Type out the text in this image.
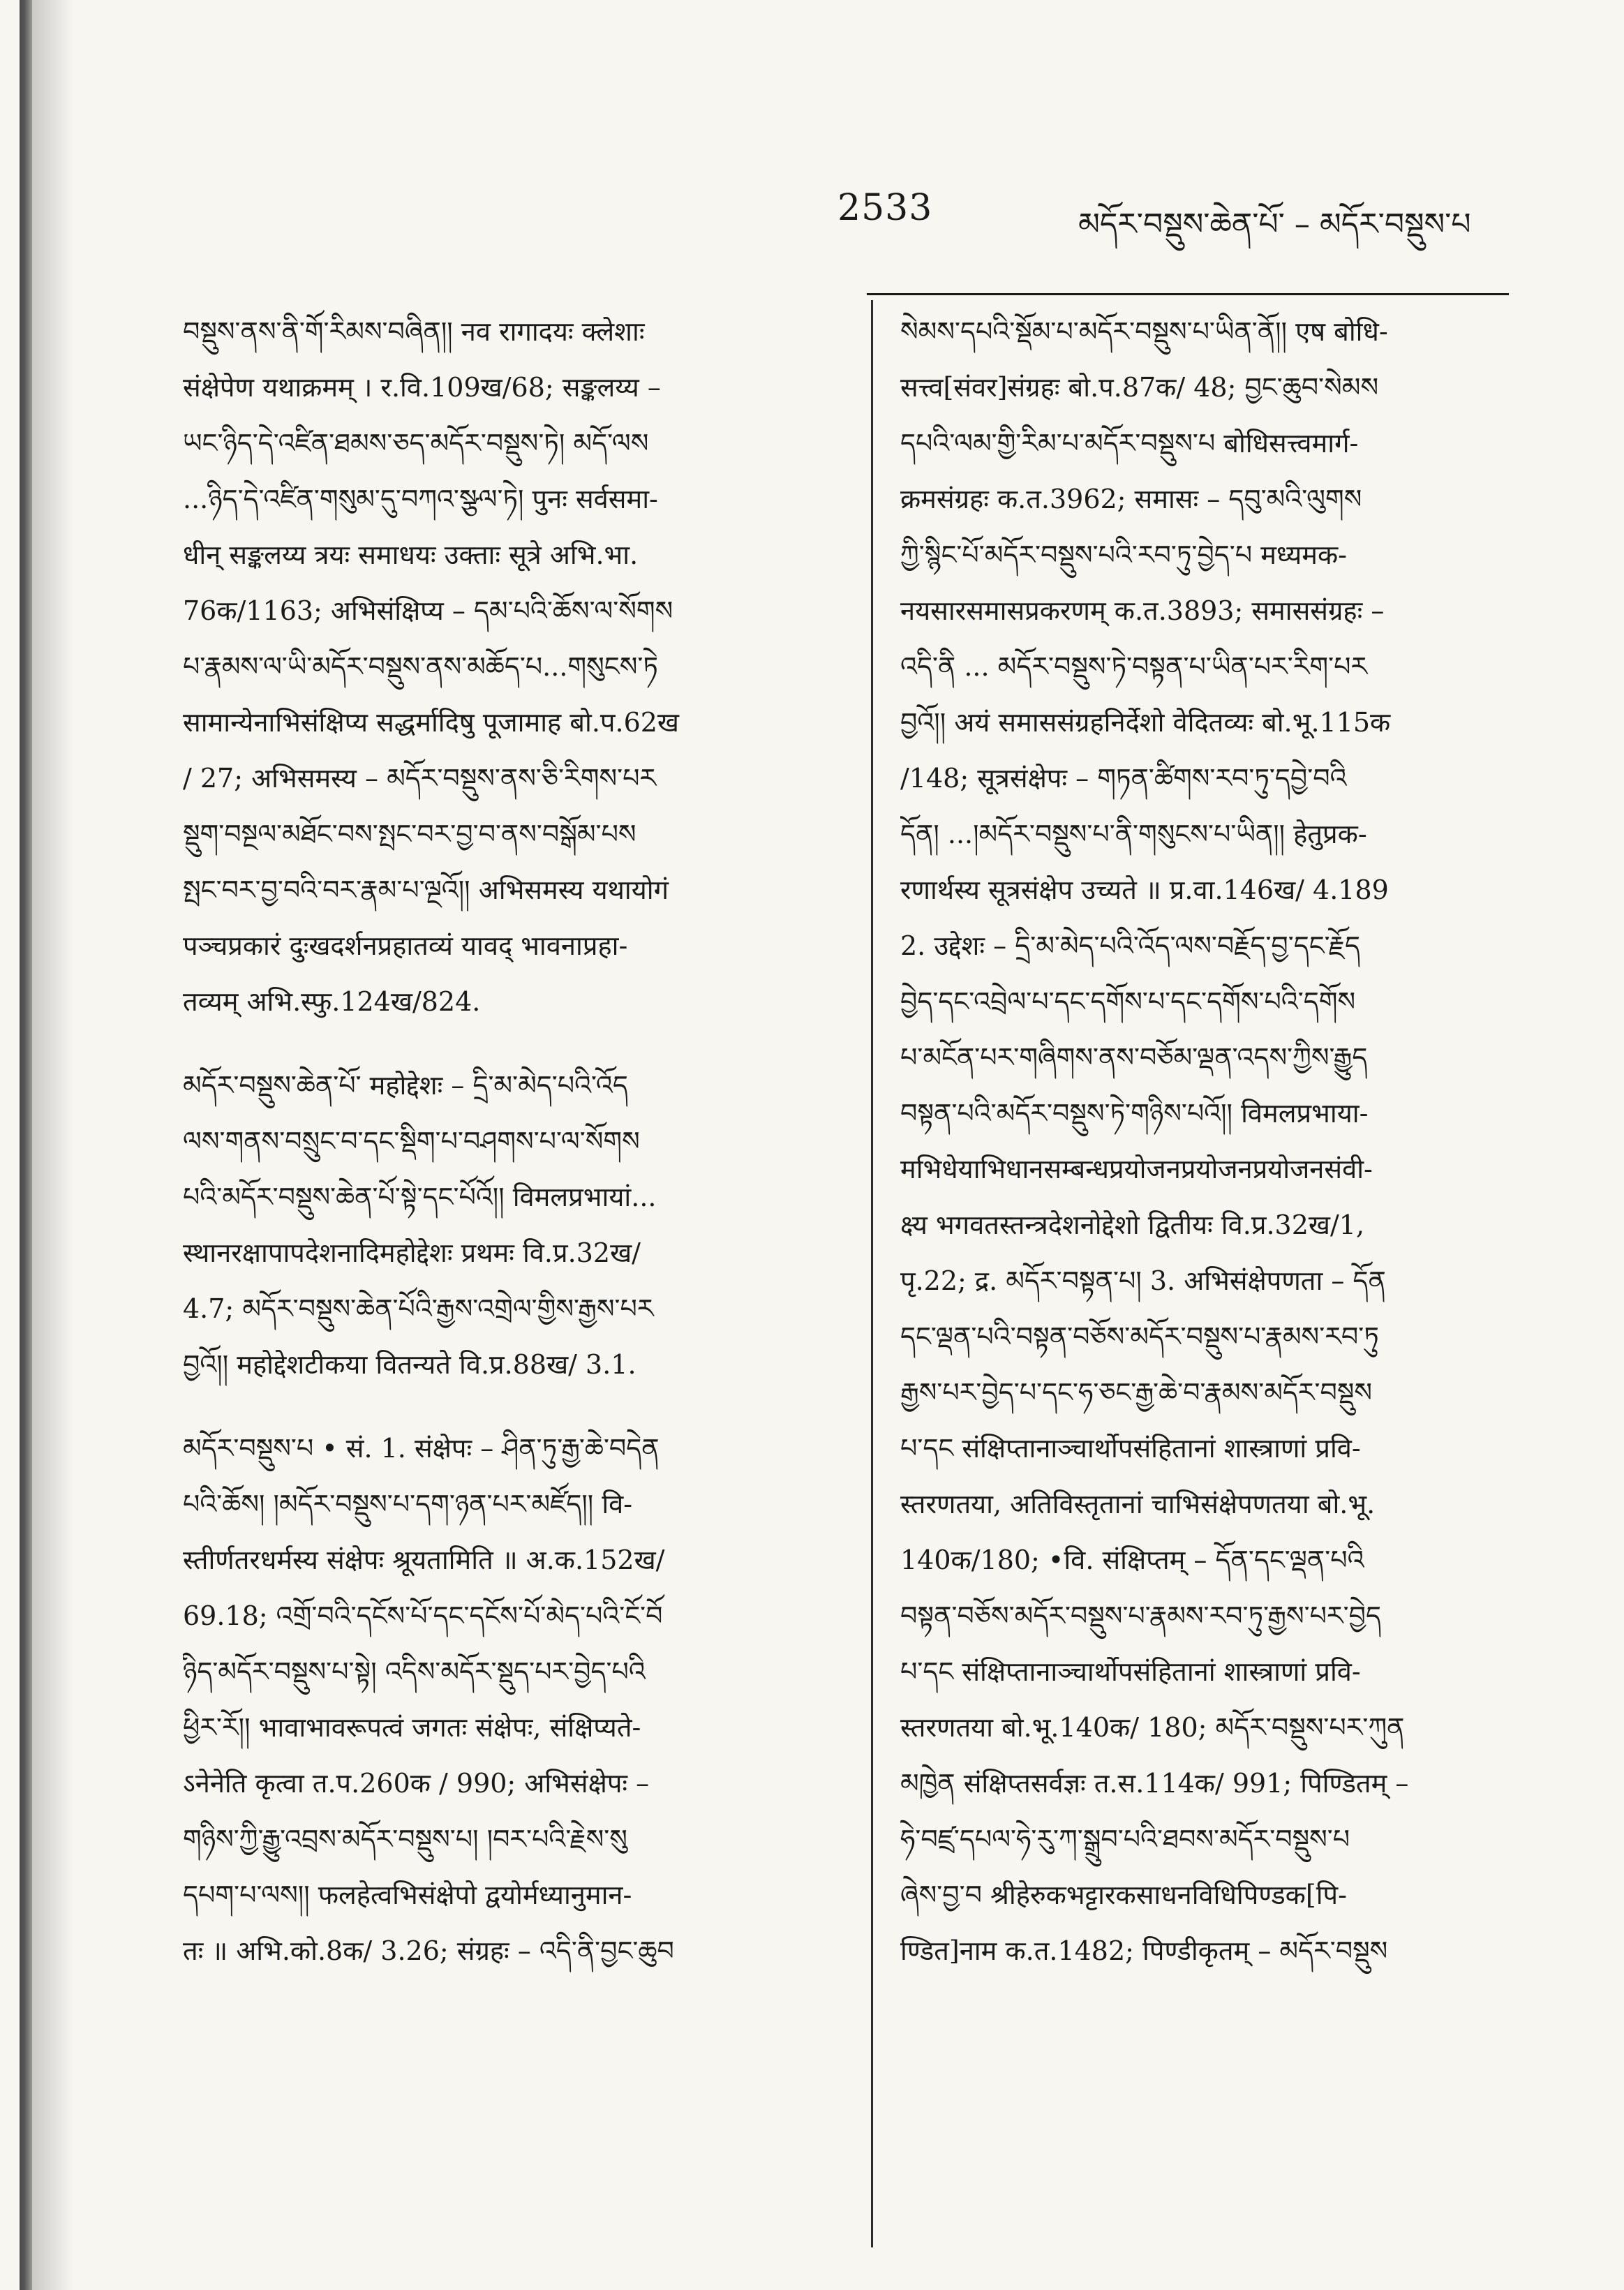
2533	མདོར་བསྡུས་ཆེན་པོ་ – མདོར་བསྡུས་པ
བསྡུས་ནས་ནི་གོ་རིམས་བཞིན།། नव रागादयः क्लेशाः
संक्षेपेण यथाक्रमम् । र.वि.109ख/68; सङ्कलय्य –
ཡང་ཉིད་དེ་འཛིན་ཐམས་ཅད་མདོར་བསྡུས་ཏེ། མདོ་ལས
...ཉིད་དེ་འཛིན་གསུམ་དུ་བཀའ་སྩལ་ཏེ། पुनः सर्वसमा-
धीन् सङ्कलय्य त्रयः समाधयः उक्ताः सूत्रे अभि.भा.
76क/1163; अभिसंक्षिप्य – དམ་པའི་ཆོས་ལ་སོགས
པ་རྣམས་ལ་ཡི་མདོར་བསྡུས་ནས་མཆོད་པ...གསུངས་ཏེ
सामान्येनाभिसंक्षिप्य सद्धर्मादिषु पूजामाह बो.प.62ख
/ 27; अभिसमस्य – མདོར་བསྡུས་ནས་ཅི་རིགས་པར
སྡུག་བསྔལ་མཐོང་བས་སྤང་བར་བྱ་བ་ནས་བསྒོམ་པས
སྤང་བར་བྱ་བའི་བར་རྣམ་པ་ལྔའོ།། अभिसमस्य यथायोगं
पञ्चप्रकारं दुःखदर्शनप्रहातव्यं यावद् भावनाप्रहा-
तव्यम् अभि.स्फु.124ख/824.
མདོར་བསྡུས་ཆེན་པོ་ महोद्देशः – དྲི་མ་མེད་པའི་འོད
ལས་གནས་བསྲུང་བ་དང་སྡིག་པ་བཤགས་པ་ལ་སོགས
པའི་མདོར་བསྡུས་ཆེན་པོ་སྟེ་དང་པོའོ།། विमलप्रभायां...
स्थानरक्षापापदेशनादिमहोद्देशः प्रथमः वि.प्र.32ख/
4.7; མདོར་བསྡུས་ཆེན་པོའི་རྒྱས་འགྲེལ་གྱིས་རྒྱས་པར
བྱའོ།། महोद्देशटीकया वितन्यते वि.प्र.88ख/ 3.1.
མདོར་བསྡུས་པ • सं. 1. संक्षेपः – ཤིན་ཏུ་རྒྱ་ཆེ་བདེན
པའི་ཆོས། །མདོར་བསྡུས་པ་དག་ཉན་པར་མཛོད།། वि-
स्तीर्णतरधर्मस्य संक्षेपः श्रूयतामिति ॥ अ.क.152ख/
69.18; འགྲོ་བའི་དངོས་པོ་དང་དངོས་པོ་མེད་པའི་ངོ་བོ
ཉིད་མདོར་བསྡུས་པ་སྟེ། འདིས་མདོར་སྡུད་པར་བྱེད་པའི
ཕྱིར་རོ།། भावाभावरूपत्वं जगतः संक्षेपः, संक्षिप्यते-
ऽनेनेति कृत्वा त.प.260क / 990; अभिसंक्षेपः –
གཉིས་ཀྱི་རྒྱུ་འབྲས་མདོར་བསྡུས་པ། །བར་པའི་རྗེས་སུ
དཔག་པ་ལས།། फलहेत्वभिसंक्षेपो द्वयोर्मध्यानुमान-
तः ॥ अभि.को.8क/ 3.26; संग्रहः – འདི་ནི་བྱང་ཆུབ
སེམས་དཔའི་སྡོམ་པ་མདོར་བསྡུས་པ་ཡིན་ནོ།། एष बोधि-
सत्त्व[संवर]संग्रहः बो.प.87क/ 48; བྱང་ཆུབ་སེམས
དཔའི་ལམ་གྱི་རིམ་པ་མདོར་བསྡུས་པ बोधिसत्त्वमार्ग-
क्रमसंग्रहः क.त.3962; समासः – དབུ་མའི་ལུགས
ཀྱི་སྙིང་པོ་མདོར་བསྡུས་པའི་རབ་ཏུ་བྱེད་པ मध्यमक-
नयसारसमासप्रकरणम् क.त.3893; समाससंग्रहः –
འདི་ནི ... མདོར་བསྡུས་ཏེ་བསྟན་པ་ཡིན་པར་རིག་པར
བྱའོ།། अयं समाससंग्रहनिर्देशो वेदितव्यः बो.भू.115क
/148; सूत्रसंक्षेपः – གཏན་ཚིགས་རབ་ཏུ་དབྱེ་བའི
དོན། ...།མདོར་བསྡུས་པ་ནི་གསུངས་པ་ཡིན།། हेतुप्रक-
रणार्थस्य सूत्रसंक्षेप उच्यते ॥ प्र.वा.146ख/ 4.189
2. उद्देशः – དྲི་མ་མེད་པའི་འོད་ལས་བརྗོད་བྱ་དང་རྗོད
བྱེད་དང་འབྲེལ་པ་དང་དགོས་པ་དང་དགོས་པའི་དགོས
པ་མངོན་པར་གཞིགས་ནས་བཅོམ་ལྡན་འདས་ཀྱིས་རྒྱུད
བསྟན་པའི་མདོར་བསྡུས་ཏེ་གཉིས་པའོ།། विमलप्रभाया-
मभिधेयाभिधानसम्बन्धप्रयोजनप्रयोजनप्रयोजनसंवी-
क्ष्य भगवतस्तन्त्रदेशनोद्देशो द्वितीयः वि.प्र.32ख/1,
पृ.22; द्र. མདོར་བསྟན་པ། 3. अभिसंक्षेपणता – དོན
དང་ལྡན་པའི་བསྟན་བཅོས་མདོར་བསྡུས་པ་རྣམས་རབ་ཏུ
རྒྱས་པར་བྱེད་པ་དང་ཧ་ཅང་རྒྱ་ཆེ་བ་རྣམས་མདོར་བསྡུས
པ་དང संक्षिप्तानाञ्चार्थोपसंहितानां शास्त्राणां प्रवि-
स्तरणतया, अतिविस्तृतानां चाभिसंक्षेपणतया बो.भू.
140क/180; •वि. संक्षिप्तम् – དོན་དང་ལྡན་པའི
བསྟན་བཅོས་མདོར་བསྡུས་པ་རྣམས་རབ་ཏུ་རྒྱས་པར་བྱེད
པ་དང संक्षिप्तानाञ्चार्थोपसंहितानां शास्त्राणां प्रवि-
स्तरणतया बो.भू.140क/ 180; མདོར་བསྡུས་པར་ཀུན
མཁྱེན संक्षिप्तसर्वज्ञः त.स.114क/ 991; पिण्डितम् –
ཧེ་བཛྲ་དཔལ་ཧེ་རུ་ཀ་སྒྲུབ་པའི་ཐབས་མདོར་བསྡུས་པ
ཞེས་བྱ་བ श्रीहेरुकभट्टारकसाधनविधिपिण्डक[पि-
ण्डित]नाम क.त.1482; पिण्डीकृतम् – མདོར་བསྡུས
